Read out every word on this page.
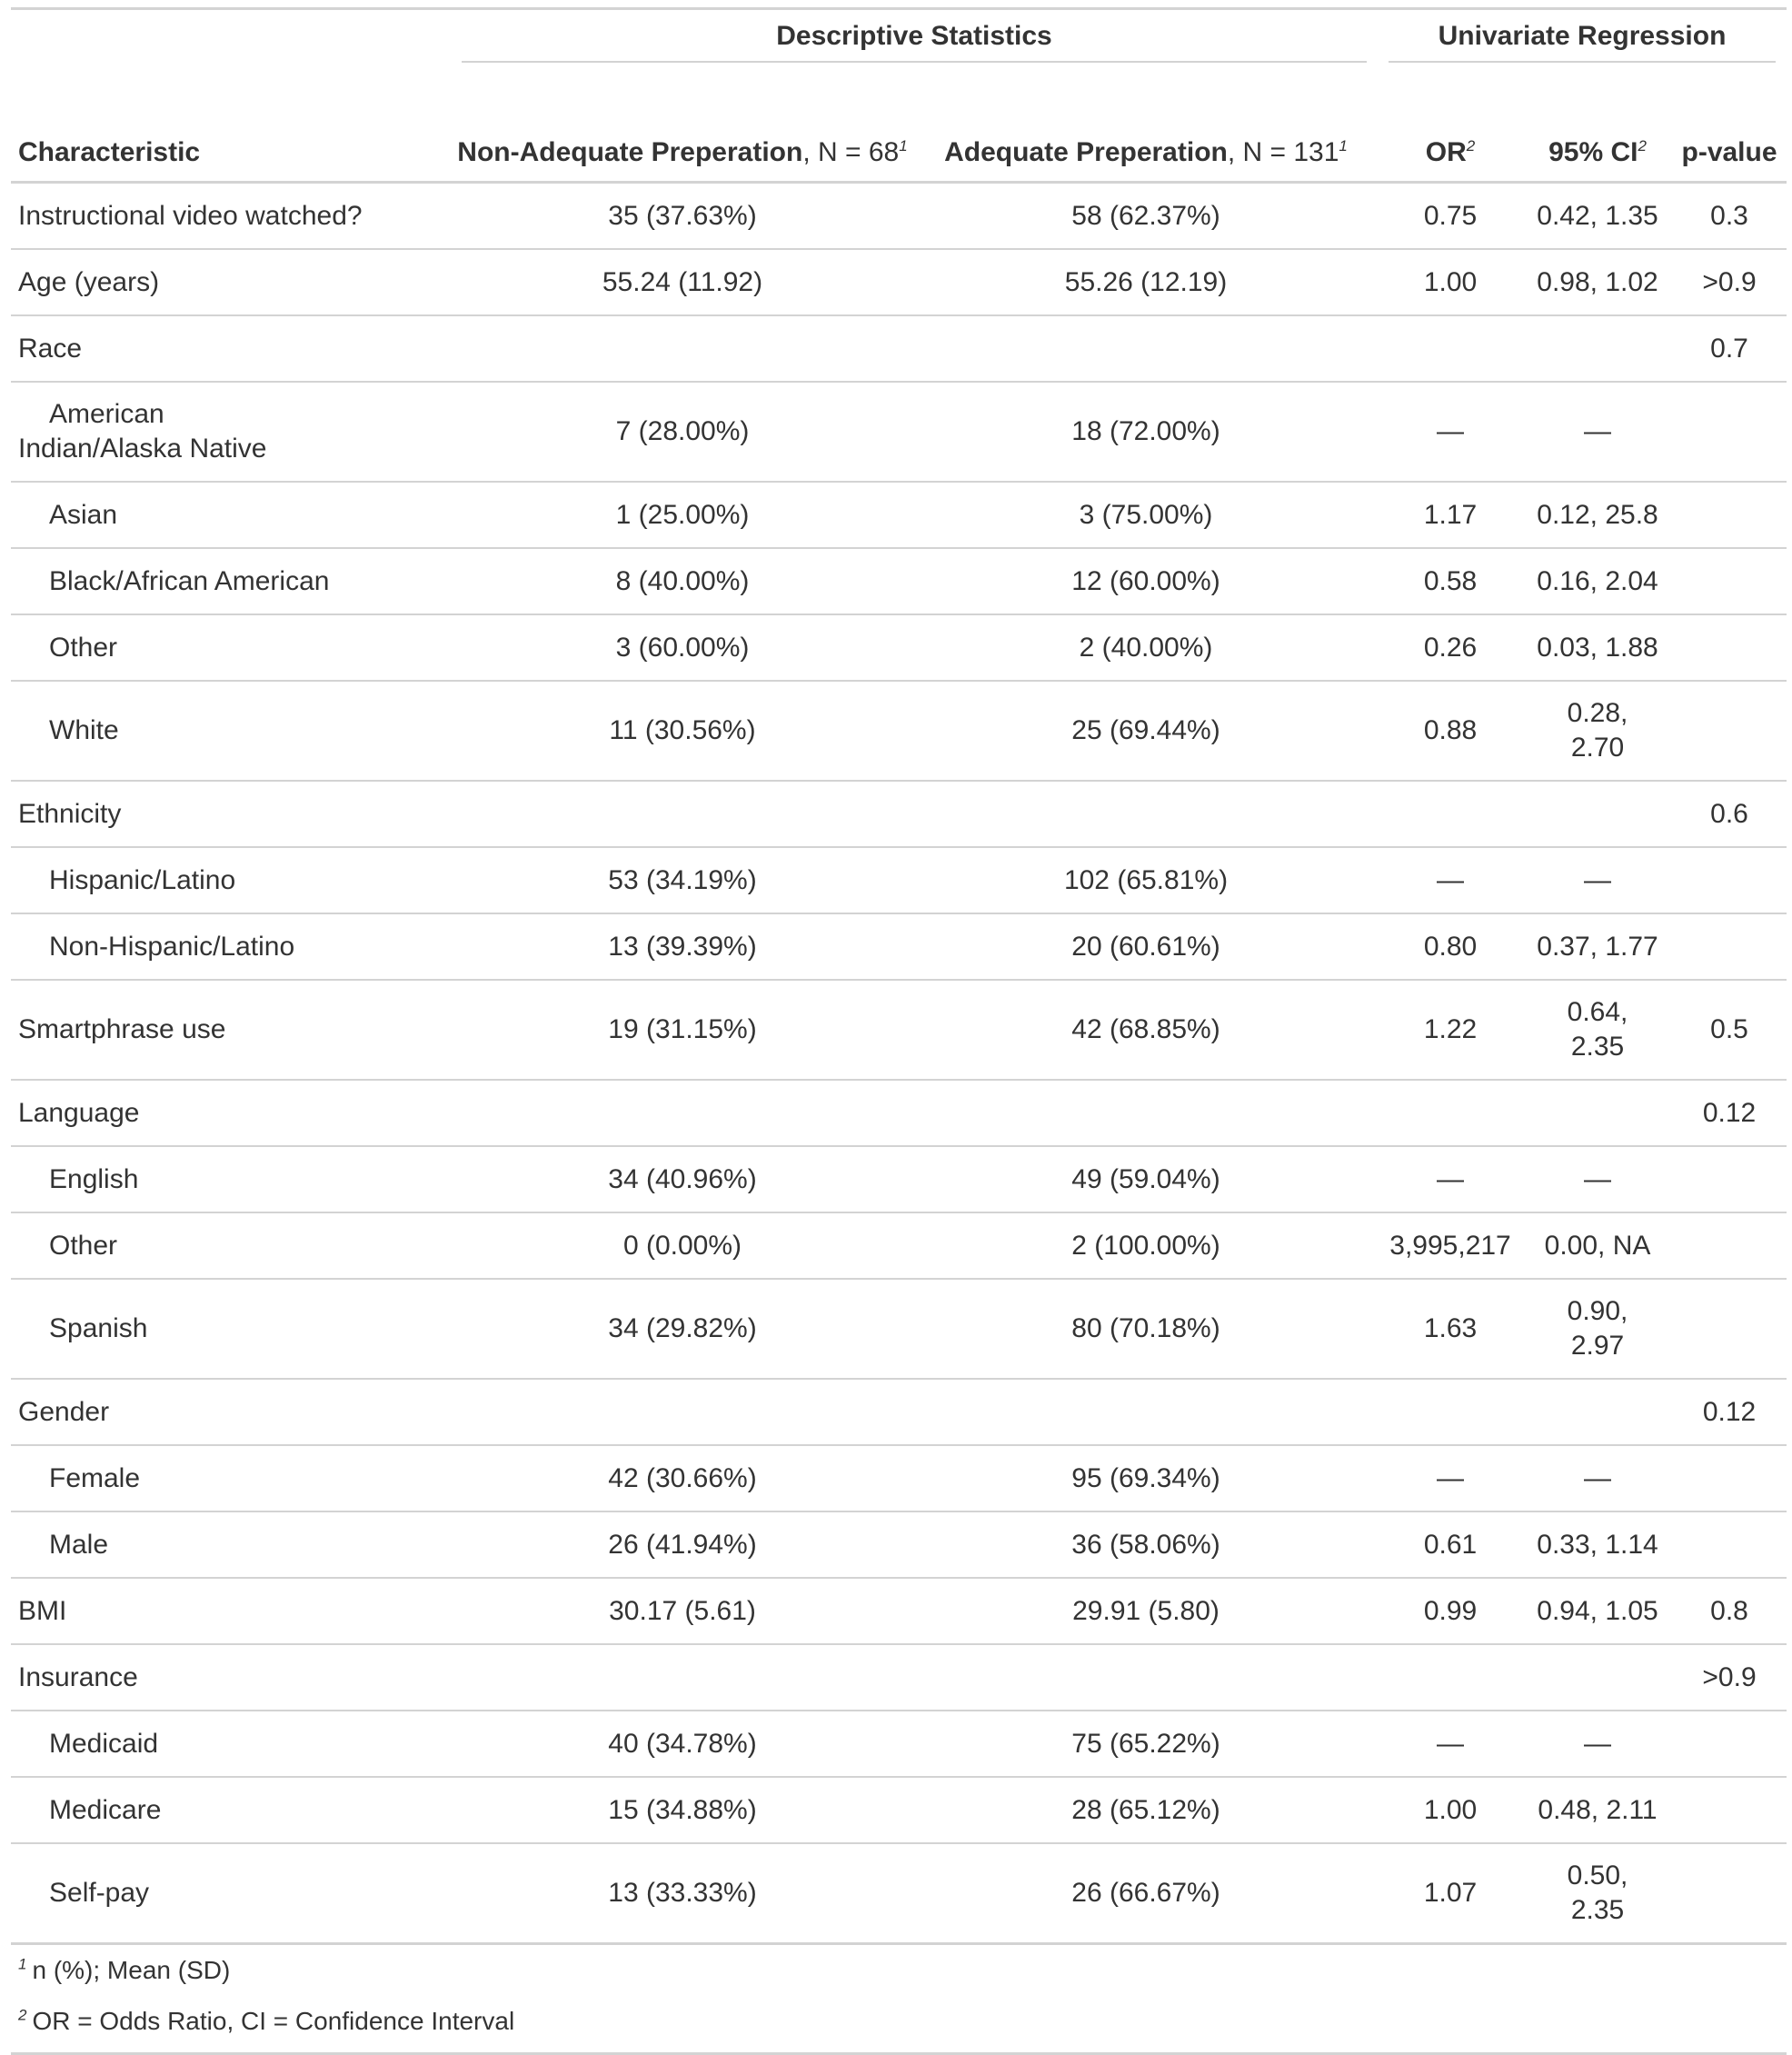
	Descriptive Statistics		Univariate Regression		

Characteristic	Non-Adequate Preperation, $N = 68^1$	Adequate Preperation, $N = 131^1$	$OR^2$	95% $CI^2$	p-value
Instructional video watched?	35 (37.63%)	58 (62.37%)	0.75	0.42, 1.35	0.3
Age (years)	55.24 (11.92)	55.26 (12.19)	1.00	0.98, 1.02	>0.9
Race					0.7
American Indian/Alaska Native	7 (28.00%)	18 (72.00%)	—	—	
Asian	1 (25.00%)	3 (75.00%)	1.17	0.12, 25.8	
Black/African American	8 (40.00%)	12 (60.00%)	0.58	0.16, 2.04	
Other	3 (60.00%)	2 (40.00%)	0.26	0.03, 1.88	
White	11 (30.56%)	25 (69.44%)	0.88	0.28, 2.70	
Ethnicity					0.6
Hispanic/Latino	53 (34.19%)	102 (65.81%)	—	—	
Non-Hispanic/Latino	13 (39.39%)	20 (60.61%)	0.80	0.37, 1.77	
Smartphrase use	19 (31.15%)	42 (68.85%)	1.22	0.64, 2.35	0.5
Language					0.12
English	34 (40.96%)	49 (59.04%)	—	—	
Other	0 (0.00%)	2 (100.00%)	3,995,217	0.00, NA	
Spanish	34 (29.82%)	80 (70.18%)	1.63	0.90, 2.97	
Gender					0.12
Female	42 (30.66%)	95 (69.34%)	—	—	
Male	26 (41.94%)	36 (58.06%)	0.61	0.33, 1.14	
BMI	30.17 (5.61)	29.91 (5.80)	0.99	0.94, 1.05	0.8
Insurance					>0.9
Medicaid	40 (34.78%)	75 (65.22%)	—	—	
Medicare	15 (34.88%)	28 (65.12%)	1.00	0.48, 2.11	
Self-pay	13 (33.33%)	26 (66.67%)	1.07	0.50, 2.35	
$^1$ n (%); Mean (SD)
$^2$ OR = Odds Ratio, CI = Confidence Interval
